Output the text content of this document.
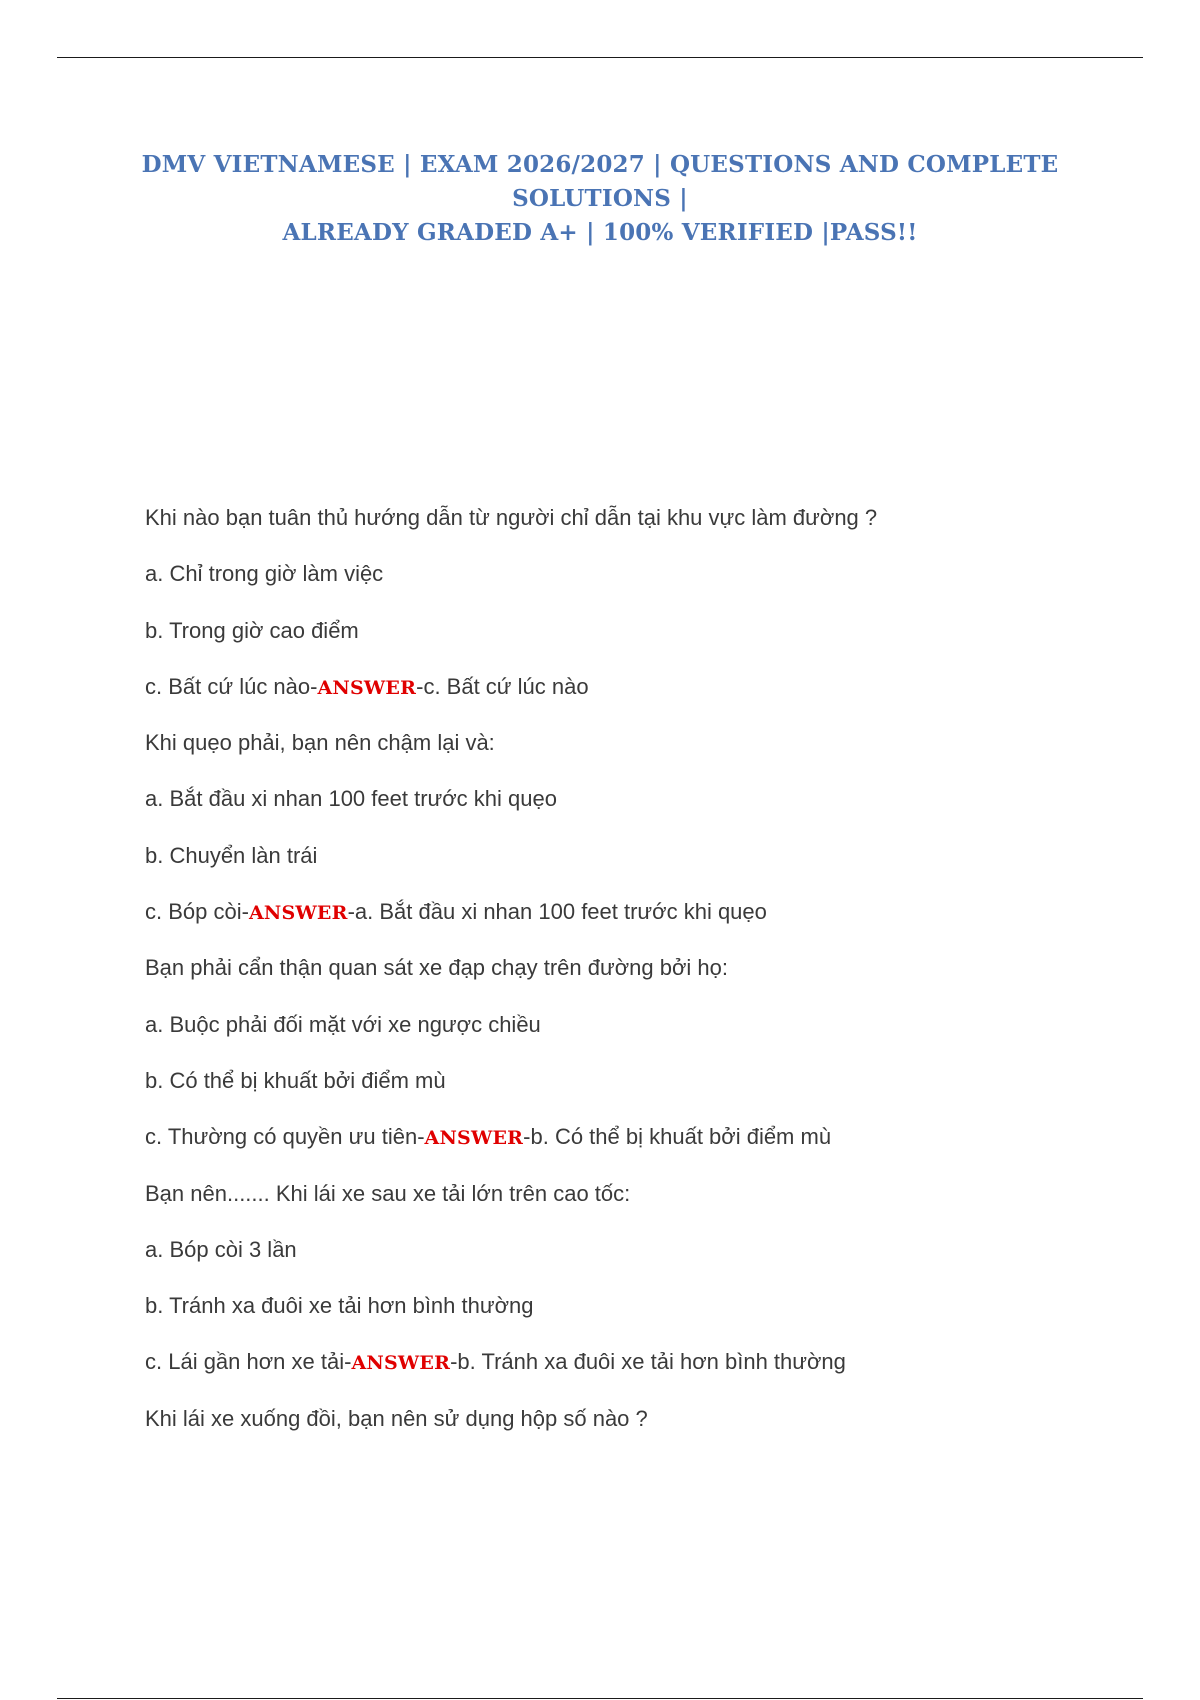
DMV VIETNAMESE | EXAM 2026/2027 | QUESTIONS AND COMPLETE SOLUTIONS |
ALREADY GRADED A+ | 100% VERIFIED |PASS!!
Khi nào bạn tuân thủ hướng dẫn từ người chỉ dẫn tại khu vực làm đường ?
a. Chỉ trong giờ làm việc
b. Trong giờ cao điểm
c. Bất cứ lúc nào-ANSWER-c. Bất cứ lúc nào
Khi quẹo phải, bạn nên chậm lại và:
a. Bắt đầu xi nhan 100 feet trước khi quẹo
b. Chuyển làn trái
c. Bóp còi-ANSWER-a. Bắt đầu xi nhan 100 feet trước khi quẹo
Bạn phải cẩn thận quan sát xe đạp chạy trên đường bởi họ:
a. Buộc phải đối mặt với xe ngược chiều
b. Có thể bị khuất bởi điểm mù
c. Thường có quyền ưu tiên-ANSWER-b. Có thể bị khuất bởi điểm mù
Bạn nên....... Khi lái xe sau xe tải lớn trên cao tốc:
a. Bóp còi 3 lần
b. Tránh xa đuôi xe tải hơn bình thường
c. Lái gần hơn xe tải-ANSWER-b. Tránh xa đuôi xe tải hơn bình thường
Khi lái xe xuống đồi, bạn nên sử dụng hộp số nào ?
